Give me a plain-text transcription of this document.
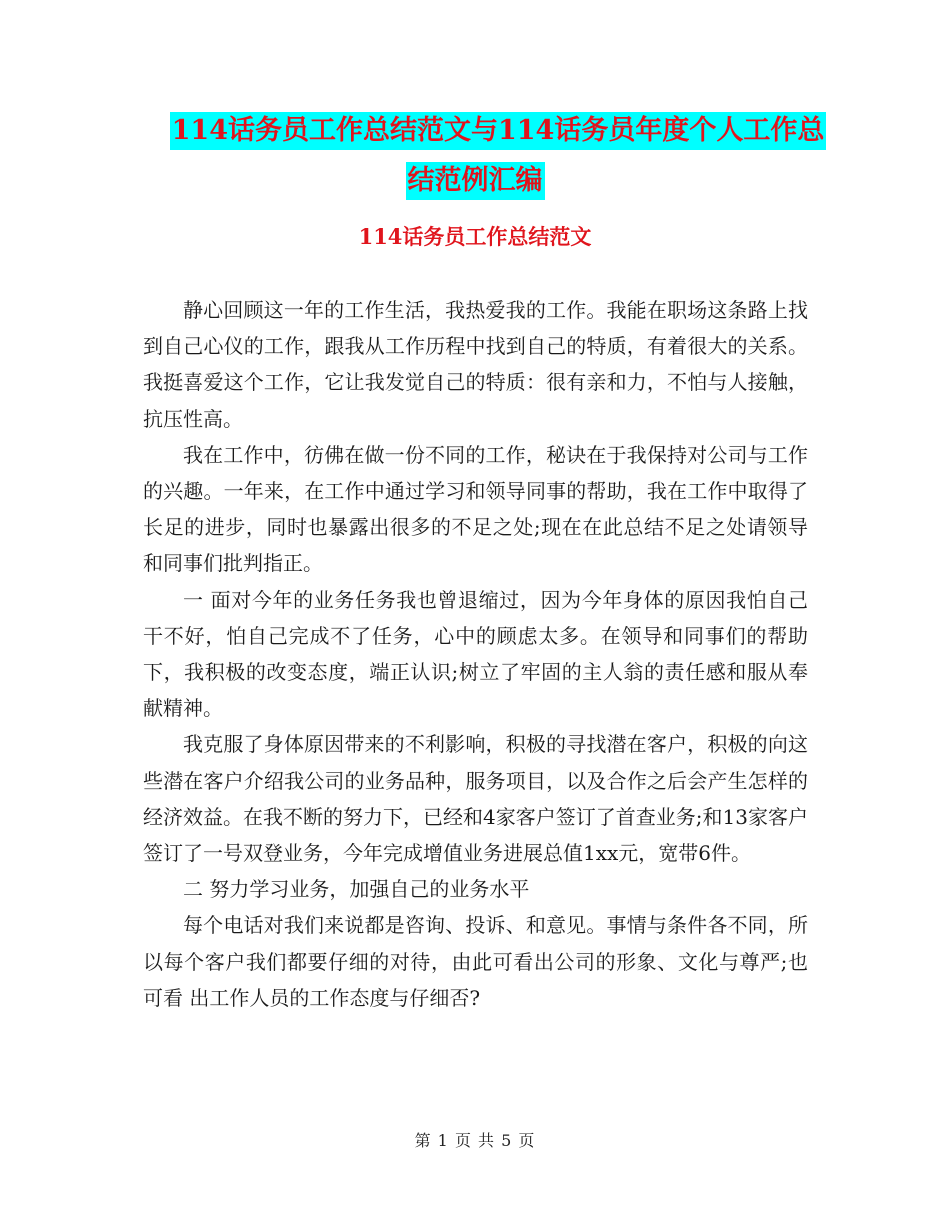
114话务员工作总结范文与114话务员年度个人工作总
结范例汇编
114话务员工作总结范文

静心回顾这一年的工作生活，我热爱我的工作。我能在职场这条路上找到自己心仪的工作，跟我从工作历程中找到自己的特质，有着很大的关系。我挺喜爱这个工作，它让我发觉自己的特质：很有亲和力，不怕与人接触，抗压性高。

我在工作中，彷佛在做一份不同的工作，秘诀在于我保持对公司与工作的兴趣。一年来，在工作中通过学习和领导同事的帮助，我在工作中取得了长足的进步，同时也暴露出很多的不足之处;现在在此总结不足之处请领导和同事们批判指正。

一 面对今年的业务任务我也曾退缩过，因为今年身体的原因我怕自己干不好，怕自己完成不了任务，心中的顾虑太多。在领导和同事们的帮助下，我积极的改变态度，端正认识;树立了牢固的主人翁的责任感和服从奉献精神。

我克服了身体原因带来的不利影响，积极的寻找潜在客户，积极的向这些潜在客户介绍我公司的业务品种，服务项目，以及合作之后会产生怎样的经济效益。在我不断的努力下，已经和4家客户签订了首查业务;和13家客户签订了一号双登业务，今年完成增值业务进展总值1xx元，宽带6件。

二 努力学习业务，加强自己的业务水平

每个电话对我们来说都是咨询、投诉、和意见。事情与条件各不同，所以每个客户我们都要仔细的对待，由此可看出公司的形象、文化与尊严;也可看 出工作人员的工作态度与仔细否?

第 1 页 共 5 页
